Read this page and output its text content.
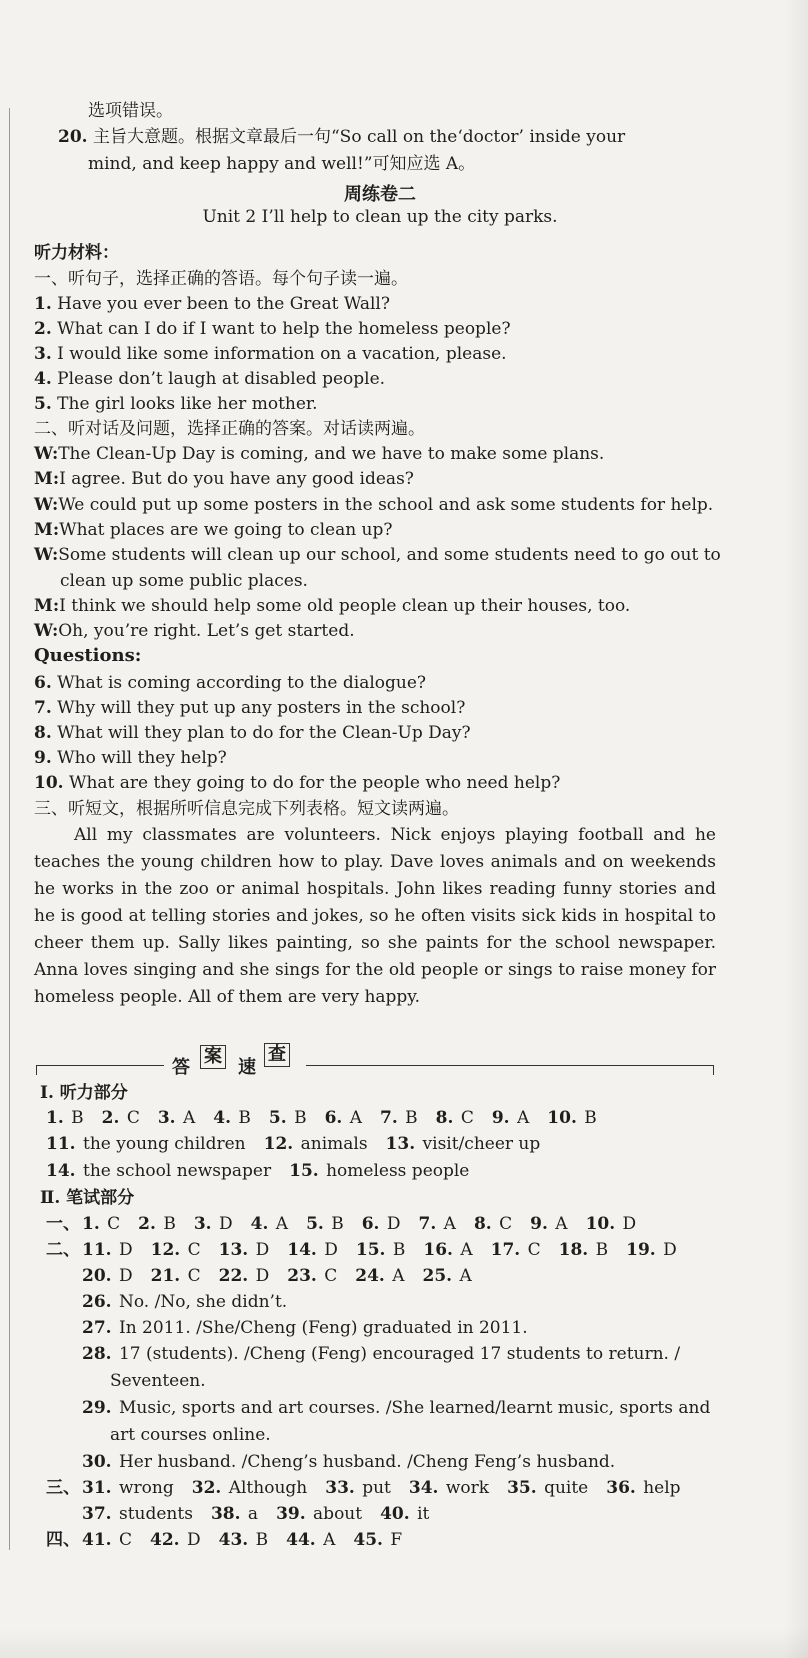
选项错误。
20. 主旨大意题。根据文章最后一句“So call on the‘doctor’ inside your
mind, and keep happy and well!”可知应选 A。
周练卷二
Unit 2 I’ll help to clean up the city parks.
听力材料：
一、听句子，选择正确的答语。每个句子读一遍。
1. Have you ever been to the Great Wall?
2. What can I do if I want to help the homeless people?
3. I would like some information on a vacation, please.
4. Please don’t laugh at disabled people.
5. The girl looks like her mother.
二、听对话及问题，选择正确的答案。对话读两遍。
W:The Clean-Up Day is coming, and we have to make some plans.
M:I agree. But do you have any good ideas?
W:We could put up some posters in the school and ask some students for help.
M:What places are we going to clean up?
W:Some students will clean up our school, and some students need to go out to
clean up some public places.
M:I think we should help some old people clean up their houses, too.
W:Oh, you’re right. Let’s get started.
Questions:
6. What is coming according to the dialogue?
7. Why will they put up any posters in the school?
8. What will they plan to do for the Clean-Up Day?
9. Who will they help?
10. What are they going to do for the people who need help?
三、听短文，根据所听信息完成下列表格。短文读两遍。
All my classmates are volunteers. Nick enjoys playing football and he teaches the young children how to play. Dave loves animals and on weekends he works in the zoo or animal hospitals. John likes reading funny stories and he is good at telling stories and jokes, so he often visits sick kids in hospital to cheer them up. Sally likes painting, so she paints for the school newspaper. Anna loves singing and she sings for the old people or sings to raise money for homeless people. All of them are very happy.
答
案
速
查
Ⅰ. 听力部分
1. B 2. C 3. A 4. B 5. B 6. A 7. B 8. C 9. A 10. B
11. the young children 12. animals 13. visit/cheer up
14. the school newspaper 15. homeless people
一、 1. C 2. B 3. D 4. A 5. B 6. D 7. A 8. C 9. A 10. D
二、 11. D 12. C 13. D 14. D 15. B 16. A 17. C 18. B 19. D
20. D 21. C 22. D 23. C 24. A 25. A
三、 31. wrong 32. Although 33. put 34. work 35. quite 36. help
37. students 38. a 39. about 40. it
四、 41. C 42. D 43. B 44. A 45. F
Ⅱ. 笔试部分
26. No. /No, she didn’t.
27. In 2011. /She/Cheng (Feng) graduated in 2011.
28. 17 (students). /Cheng (Feng) encouraged 17 students to return. /
Seventeen.
29. Music, sports and art courses. /She learned/learnt music, sports and
art courses online.
30. Her husband. /Cheng’s husband. /Cheng Feng’s husband.
